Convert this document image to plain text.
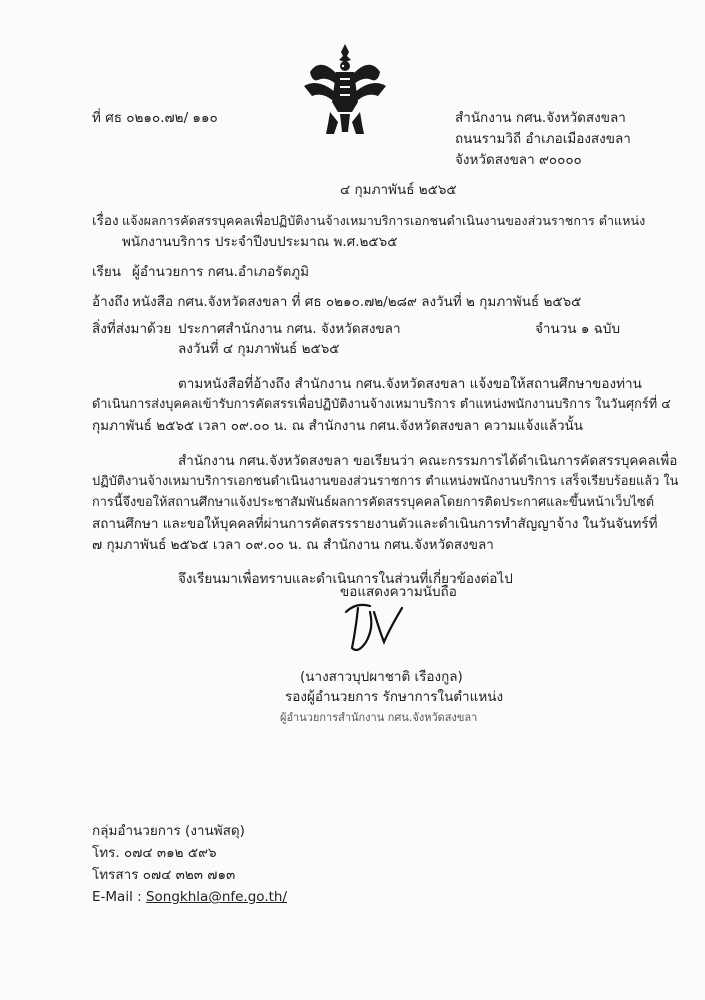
ที่ ศธ ๐๒๑๐.๗๒/ ๑๑๐	สำนักงาน กศน.จังหวัดสงขลา
ถนนรามวิถี อำเภอเมืองสงขลา
จังหวัดสงขลา ๙๐๐๐๐
๔ กุมภาพันธ์ ๒๕๖๕
เรื่อง แจ้งผลการคัดสรรบุคคลเพื่อปฏิบัติงานจ้างเหมาบริการเอกชนดำเนินงานของส่วนราชการ ตำแหน่ง
พนักงานบริการ ประจำปีงบประมาณ พ.ศ.๒๕๖๕
เรียน ผู้อำนวยการ กศน.อำเภอรัตภูมิ
อ้างถึง หนังสือ กศน.จังหวัดสงขลา ที่ ศธ ๐๒๑๐.๗๒/๒๘๙ ลงวันที่ ๒ กุมภาพันธ์ ๒๕๖๕
สิ่งที่ส่งมาด้วย ประกาศสำนักงาน กศน. จังหวัดสงขลา
ลงวันที่ ๔ กุมภาพันธ์ ๒๕๖๕
จำนวน ๑ ฉบับ
ตามหนังสือที่อ้างถึง สำนักงาน กศน.จังหวัดสงขลา แจ้งขอให้สถานศึกษาของท่าน
ดำเนินการส่งบุคคลเข้ารับการคัดสรรเพื่อปฏิบัติงานจ้างเหมาบริการ ตำแหน่งพนักงานบริการ ในวันศุกร์ที่ ๔
กุมภาพันธ์ ๒๕๖๕ เวลา ๐๙.๐๐ น. ณ สำนักงาน กศน.จังหวัดสงขลา ความแจ้งแล้วนั้น
สำนักงาน กศน.จังหวัดสงขลา ขอเรียนว่า คณะกรรมการได้ดำเนินการคัดสรรบุคคลเพื่อ
ปฏิบัติงานจ้างเหมาบริการเอกชนดำเนินงานของส่วนราชการ ตำแหน่งพนักงานบริการ เสร็จเรียบร้อยแล้ว ใน
การนี้จึงขอให้สถานศึกษาแจ้งประชาสัมพันธ์ผลการคัดสรรบุคคลโดยการติดประกาศและขึ้นหน้าเว็บไซต์
สถานศึกษา และขอให้บุคคลที่ผ่านการคัดสรรรายงานตัวและดำเนินการทำสัญญาจ้าง ในวันจันทร์ที่
๗ กุมภาพันธ์ ๒๕๖๕ เวลา ๐๙.๐๐ น. ณ สำนักงาน กศน.จังหวัดสงขลา
จึงเรียนมาเพื่อทราบและดำเนินการในส่วนที่เกี่ยวข้องต่อไป
ขอแสดงความนับถือ
(นางสาวบุปผาชาติ เรืองกูล)
รองผู้อำนวยการ รักษาการในตำแหน่ง
ผู้อำนวยการสำนักงาน กศน.จังหวัดสงขลา
กลุ่มอำนวยการ (งานพัสดุ)
โทร. ๐๗๔ ๓๑๒ ๕๙๖
โทรสาร ๐๗๔ ๓๒๓ ๗๑๓
E-Mail : Songkhla@nfe.go.th/
